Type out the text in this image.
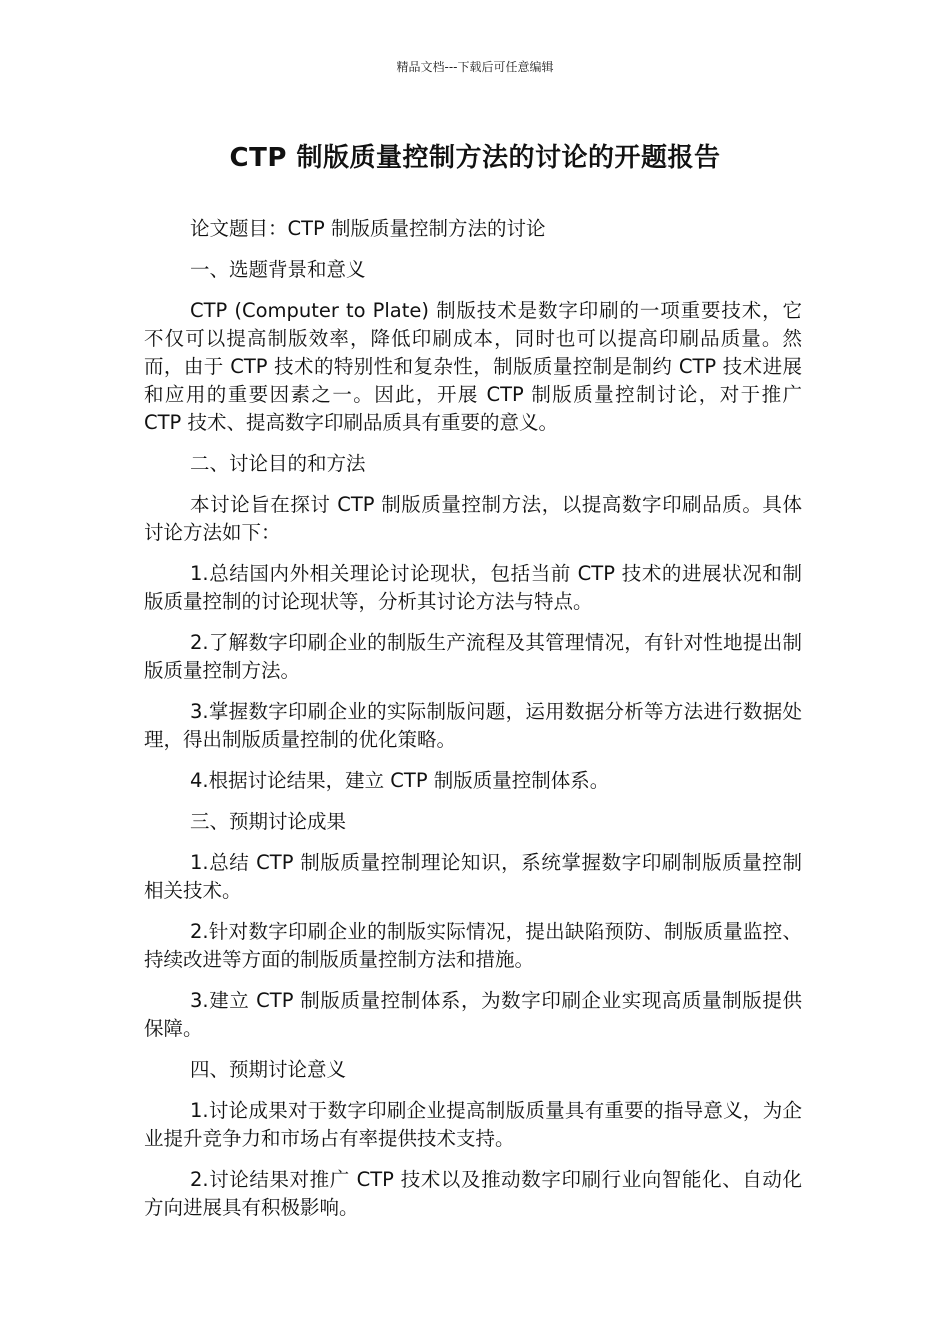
精品文档---下载后可任意编辑
CTP 制版质量控制方法的讨论的开题报告

论文题目：CTP 制版质量控制方法的讨论

一、选题背景和意义

CTP (Computer to Plate) 制版技术是数字印刷的一项重要技术，它不仅可以提高制版效率，降低印刷成本，同时也可以提高印刷品质量。然而，由于 CTP 技术的特别性和复杂性，制版质量控制是制约 CTP 技术进展和应用的重要因素之一。因此，开展 CTP 制版质量控制讨论，对于推广 CTP 技术、提高数字印刷品质具有重要的意义。

二、讨论目的和方法

本讨论旨在探讨 CTP 制版质量控制方法，以提高数字印刷品质。具体讨论方法如下：

1.总结国内外相关理论讨论现状，包括当前 CTP 技术的进展状况和制版质量控制的讨论现状等，分析其讨论方法与特点。

2.了解数字印刷企业的制版生产流程及其管理情况，有针对性地提出制版质量控制方法。

3.掌握数字印刷企业的实际制版问题，运用数据分析等方法进行数据处理，得出制版质量控制的优化策略。

4.根据讨论结果，建立 CTP 制版质量控制体系。

三、预期讨论成果

1.总结 CTP 制版质量控制理论知识，系统掌握数字印刷制版质量控制相关技术。

2.针对数字印刷企业的制版实际情况，提出缺陷预防、制版质量监控、持续改进等方面的制版质量控制方法和措施。

3.建立 CTP 制版质量控制体系，为数字印刷企业实现高质量制版提供保障。

四、预期讨论意义

1.讨论成果对于数字印刷企业提高制版质量具有重要的指导意义，为企业提升竞争力和市场占有率提供技术支持。

2.讨论结果对推广 CTP 技术以及推动数字印刷行业向智能化、自动化方向进展具有积极影响。
